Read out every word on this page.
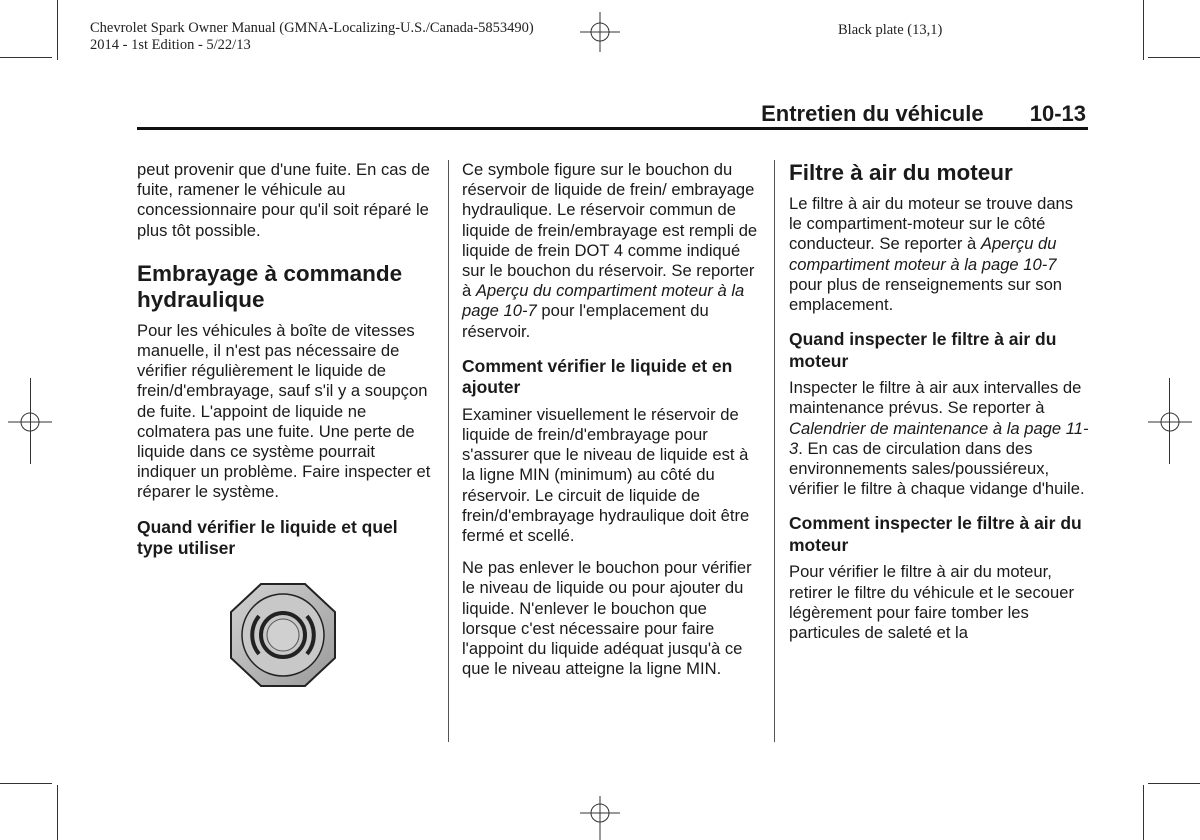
Chevrolet Spark Owner Manual (GMNA-Localizing-U.S./Canada-5853490)
2014 - 1st Edition - 5/22/13
Black plate (13,1)
Entretien du véhicule 10-13

peut provenir que d'une fuite. En cas de fuite, ramener le véhicule au concessionnaire pour qu'il soit réparé le plus tôt possible.

Embrayage à commande hydraulique

Pour les véhicules à boîte de vitesses manuelle, il n'est pas nécessaire de vérifier régulièrement le liquide de frein/d'embrayage, sauf s'il y a soupçon de fuite. L'appoint de liquide ne colmatera pas une fuite. Une perte de liquide dans ce système pourrait indiquer un problème. Faire inspecter et réparer le système.

Quand vérifier le liquide et quel type utiliser

Ce symbole figure sur le bouchon du réservoir de liquide de frein/ embrayage hydraulique. Le réservoir commun de liquide de frein/embrayage est rempli de liquide de frein DOT 4 comme indiqué sur le bouchon du réservoir. Se reporter à Aperçu du compartiment moteur à la page 10-7 pour l'emplacement du réservoir.

Comment vérifier le liquide et en ajouter

Examiner visuellement le réservoir de liquide de frein/d'embrayage pour s'assurer que le niveau de liquide est à la ligne MIN (minimum) au côté du réservoir. Le circuit de liquide de frein/d'embrayage hydraulique doit être fermé et scellé.

Ne pas enlever le bouchon pour vérifier le niveau de liquide ou pour ajouter du liquide. N'enlever le bouchon que lorsque c'est nécessaire pour faire l'appoint du liquide adéquat jusqu'à ce que le niveau atteigne la ligne MIN.

Filtre à air du moteur

Le filtre à air du moteur se trouve dans le compartiment-moteur sur le côté conducteur. Se reporter à Aperçu du compartiment moteur à la page 10-7 pour plus de renseignements sur son emplacement.

Quand inspecter le filtre à air du moteur

Inspecter le filtre à air aux intervalles de maintenance prévus. Se reporter à Calendrier de maintenance à la page 11-3. En cas de circulation dans des environnements sales/poussiéreux, vérifier le filtre à chaque vidange d'huile.

Comment inspecter le filtre à air du moteur

Pour vérifier le filtre à air du moteur, retirer le filtre du véhicule et le secouer légèrement pour faire tomber les particules de saleté et la
